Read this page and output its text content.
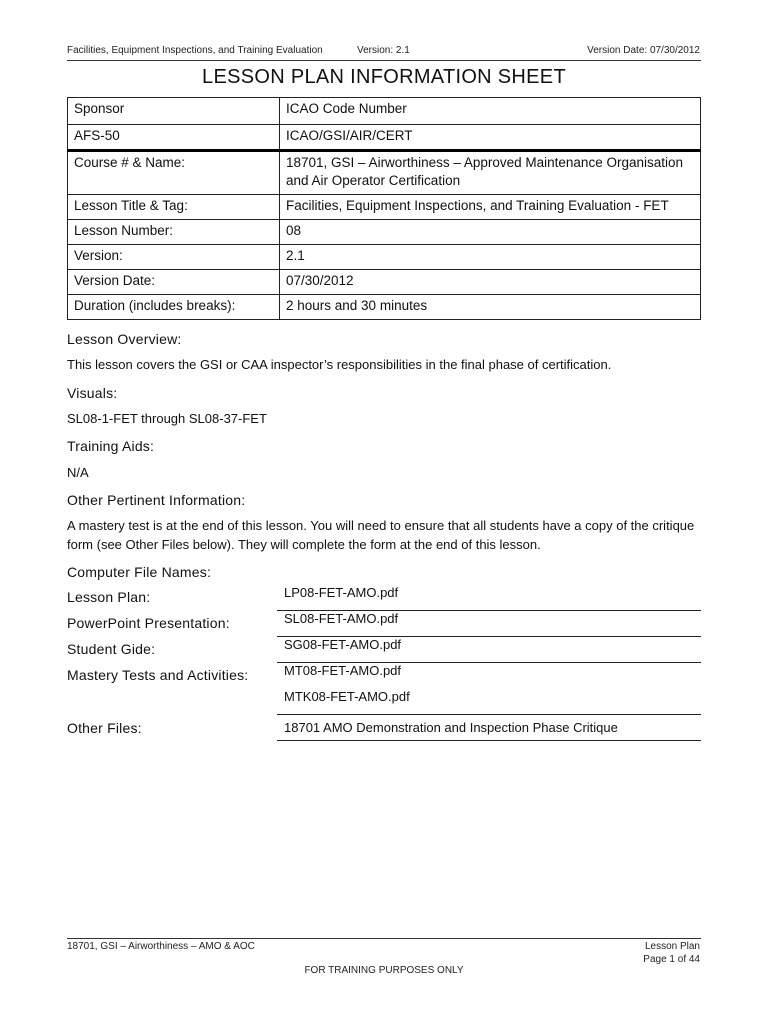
Facilities, Equipment Inspections, and Training Evaluation	Version: 2.1	Version Date: 07/30/2012
LESSON PLAN INFORMATION SHEET
Sponsor	ICAO Code Number
AFS-50	ICAO/GSI/AIR/CERT
Course # & Name:	18701, GSI – Airworthiness – Approved Maintenance Organisation and Air Operator Certification
Lesson Title & Tag:	Facilities, Equipment Inspections, and Training Evaluation - FET
Lesson Number:	08
Version:	2.1
Version Date:	07/30/2012
Duration (includes breaks):	2 hours and 30 minutes
Lesson Overview:
This lesson covers the GSI or CAA inspector’s responsibilities in the final phase of certification.
Visuals:
SL08-1-FET through SL08-37-FET
Training Aids:
N/A
Other Pertinent Information:
A mastery test is at the end of this lesson. You will need to ensure that all students have a copy of the critique form (see Other Files below). They will complete the form at the end of this lesson.
Computer File Names:
Lesson Plan:	LP08-FET-AMO.pdf
PowerPoint Presentation:	SL08-FET-AMO.pdf
Student Gide:	SG08-FET-AMO.pdf
Mastery Tests and Activities:	MT08-FET-AMO.pdf
MTK08-FET-AMO.pdf
Other Files:	18701 AMO Demonstration and Inspection Phase Critique
18701, GSI – Airworthiness – AMO & AOC	Lesson Plan
Page 1 of 44
FOR TRAINING PURPOSES ONLY
